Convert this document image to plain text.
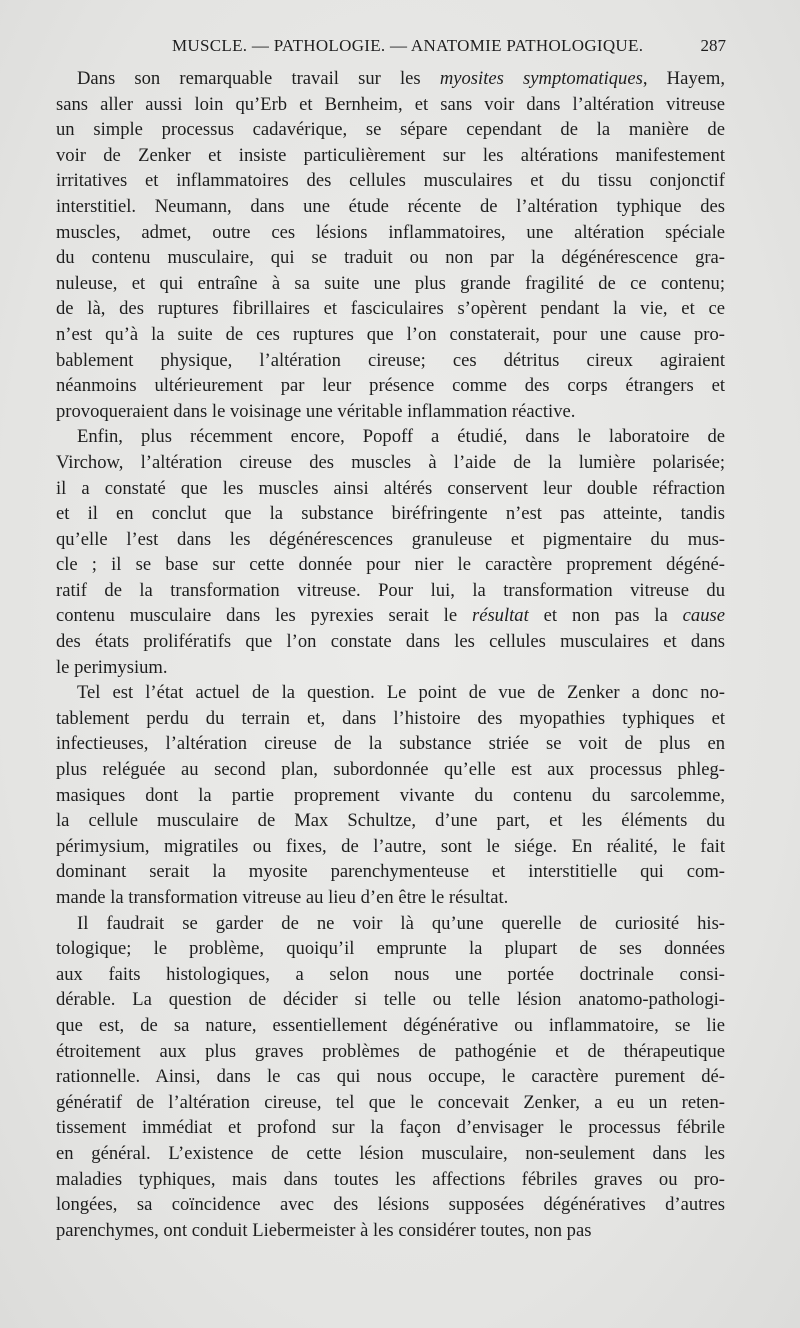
MUSCLE. — PATHOLOGIE. — ANATOMIE PATHOLOGIQUE.	287
Dans son remarquable travail sur les myosites symptomatiques, Hayem,
sans aller aussi loin qu’Erb et Bernheim, et sans voir dans l’altération vitreuse
un simple processus cadavérique, se sépare cependant de la manière de
voir de Zenker et insiste particulièrement sur les altérations manifestement
irritatives et inflammatoires des cellules musculaires et du tissu conjonctif
interstitiel. Neumann, dans une étude récente de l’altération typhique des
muscles, admet, outre ces lésions inflammatoires, une altération spéciale
du contenu musculaire, qui se traduit ou non par la dégénérescence gra-
nuleuse, et qui entraîne à sa suite une plus grande fragilité de ce contenu;
de là, des ruptures fibrillaires et fasciculaires s’opèrent pendant la vie, et ce
n’est qu’à la suite de ces ruptures que l’on constaterait, pour une cause pro-
bablement physique, l’altération cireuse; ces détritus cireux agiraient
néanmoins ultérieurement par leur présence comme des corps étrangers et
provoqueraient dans le voisinage une véritable inflammation réactive.
Enfin, plus récemment encore, Popoff a étudié, dans le laboratoire de
Virchow, l’altération cireuse des muscles à l’aide de la lumière polarisée;
il a constaté que les muscles ainsi altérés conservent leur double réfraction
et il en conclut que la substance biréfringente n’est pas atteinte, tandis
qu’elle l’est dans les dégénérescences granuleuse et pigmentaire du mus-
cle ; il se base sur cette donnée pour nier le caractère proprement dégéné-
ratif de la transformation vitreuse. Pour lui, la transformation vitreuse du
contenu musculaire dans les pyrexies serait le résultat et non pas la cause
des états prolifératifs que l’on constate dans les cellules musculaires et dans
le perimysium.
Tel est l’état actuel de la question. Le point de vue de Zenker a donc no-
tablement perdu du terrain et, dans l’histoire des myopathies typhiques et
infectieuses, l’altération cireuse de la substance striée se voit de plus en
plus reléguée au second plan, subordonnée qu’elle est aux processus phleg-
masiques dont la partie proprement vivante du contenu du sarcolemme,
la cellule musculaire de Max Schultze, d’une part, et les éléments du
périmysium, migratiles ou fixes, de l’autre, sont le siége. En réalité, le fait
dominant serait la myosite parenchymenteuse et interstitielle qui com-
mande la transformation vitreuse au lieu d’en être le résultat.
Il faudrait se garder de ne voir là qu’une querelle de curiosité his-
tologique; le problème, quoiqu’il emprunte la plupart de ses données
aux faits histologiques, a selon nous une portée doctrinale consi-
dérable. La question de décider si telle ou telle lésion anatomo-pathologi-
que est, de sa nature, essentiellement dégénérative ou inflammatoire, se lie
étroitement aux plus graves problèmes de pathogénie et de thérapeutique
rationnelle. Ainsi, dans le cas qui nous occupe, le caractère purement dé-
génératif de l’altération cireuse, tel que le concevait Zenker, a eu un reten-
tissement immédiat et profond sur la façon d’envisager le processus fébrile
en général. L’existence de cette lésion musculaire, non-seulement dans les
maladies typhiques, mais dans toutes les affections fébriles graves ou pro-
longées, sa coïncidence avec des lésions supposées dégénératives d’autres
parenchymes, ont conduit Liebermeister à les considérer toutes, non pas
